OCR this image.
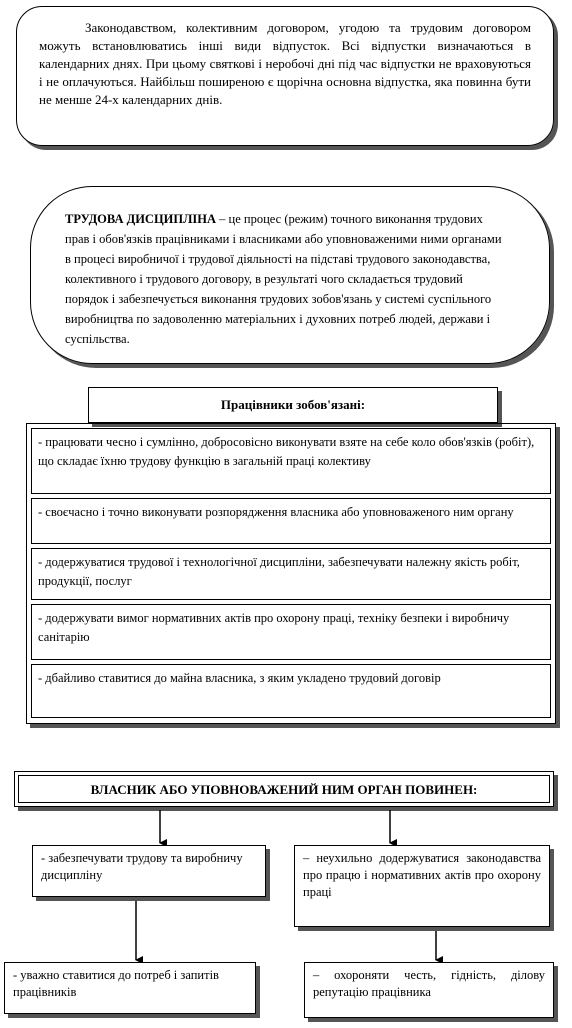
Законодавством, колективним договором, угодою та трудовим договором можуть встановлюватись інші види відпусток. Всі відпустки визначаються в календарних днях. При цьому святкові і неробочі дні під час відпустки не враховуються і не оплачуються. Найбільш поширеною є щорічна основна відпустка, яка повинна бути не менше 24-х календарних днів.

ТРУДОВА ДИСЦИПЛІНА – це процес (режим) точного виконання трудових прав і обов'язків працівниками і власниками або уповноваженими ними органами в процесі виробничої і трудової діяльності на підставі трудового законодавства, колективного і трудового договору, в результаті чого складається трудовий порядок і забезпечується виконання трудових зобов'язань у системі суспільного виробництва по задоволенню матеріальних і духовних потреб людей, держави і суспільства.
Працівники зобов'язані:
- працювати чесно і сумлінно, добросовісно виконувати взяте на себе коло обов'язків (робіт), що складає їхню трудову функцію в загальній праці колективу
- своєчасно і точно виконувати розпорядження власника або уповноваженого ним органу
- додержуватися трудової і технологічної дисципліни, забезпечувати належну якість робіт, продукції, послуг
- додержувати вимог нормативних актів про охорону праці, техніку безпеки і виробничу санітарію
- дбайливо ставитися до майна власника, з яким укладено трудовий договір
ВЛАСНИК АБО УПОВНОВАЖЕНИЙ НИМ ОРГАН ПОВИНЕН:
- забезпечувати трудову та виробничу дисципліну
– неухильно додержуватися законодавства про працю і нормативних актів про охорону праці
- уважно ставитися до потреб і запитів працівників
– охороняти честь, гідність, ділову репутацію працівника
